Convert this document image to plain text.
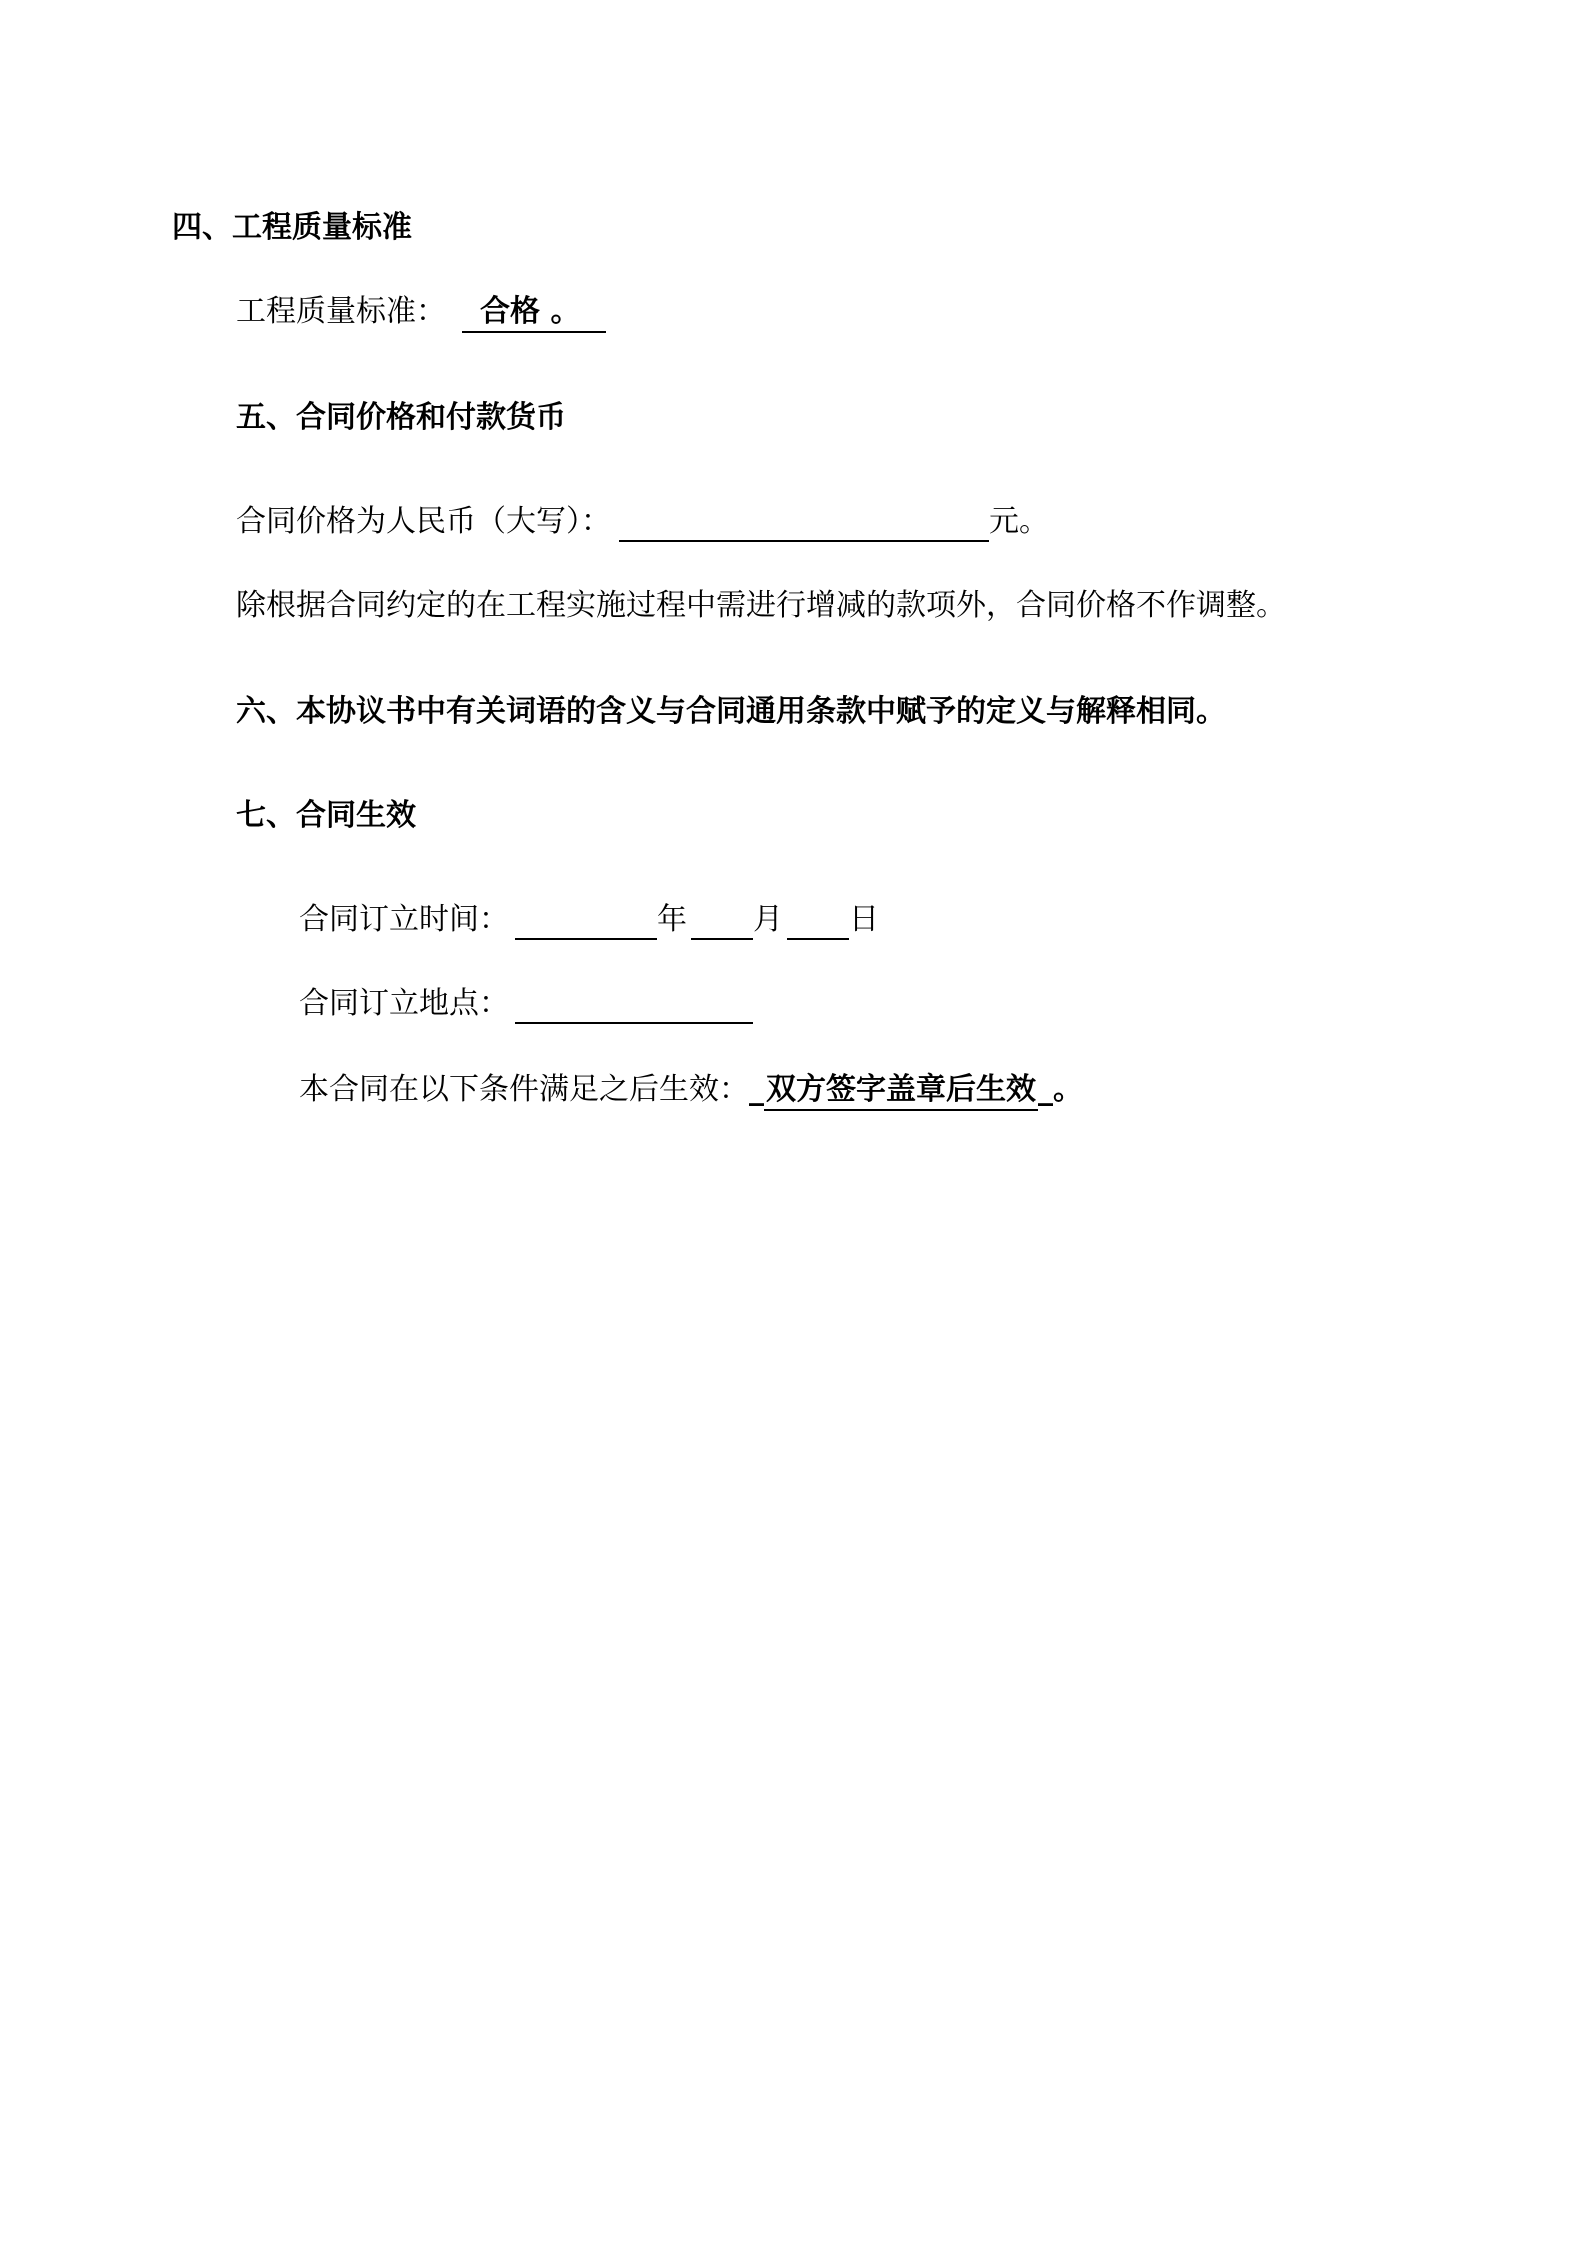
四、工程质量标准
工程质量标准： 合格 。
五、合同价格和付款货币
合同价格为人民币（大写）：	元。
除根据合同约定的在工程实施过程中需进行增减的款项外，合同价格不作调整。
六、本协议书中有关词语的含义与合同通用条款中赋予的定义与解释相同。
七、合同生效
合同订立时间：	年 月 日
合同订立地点：
本合同在以下条件满足之后生效：_双方签字盖章后生效_。
